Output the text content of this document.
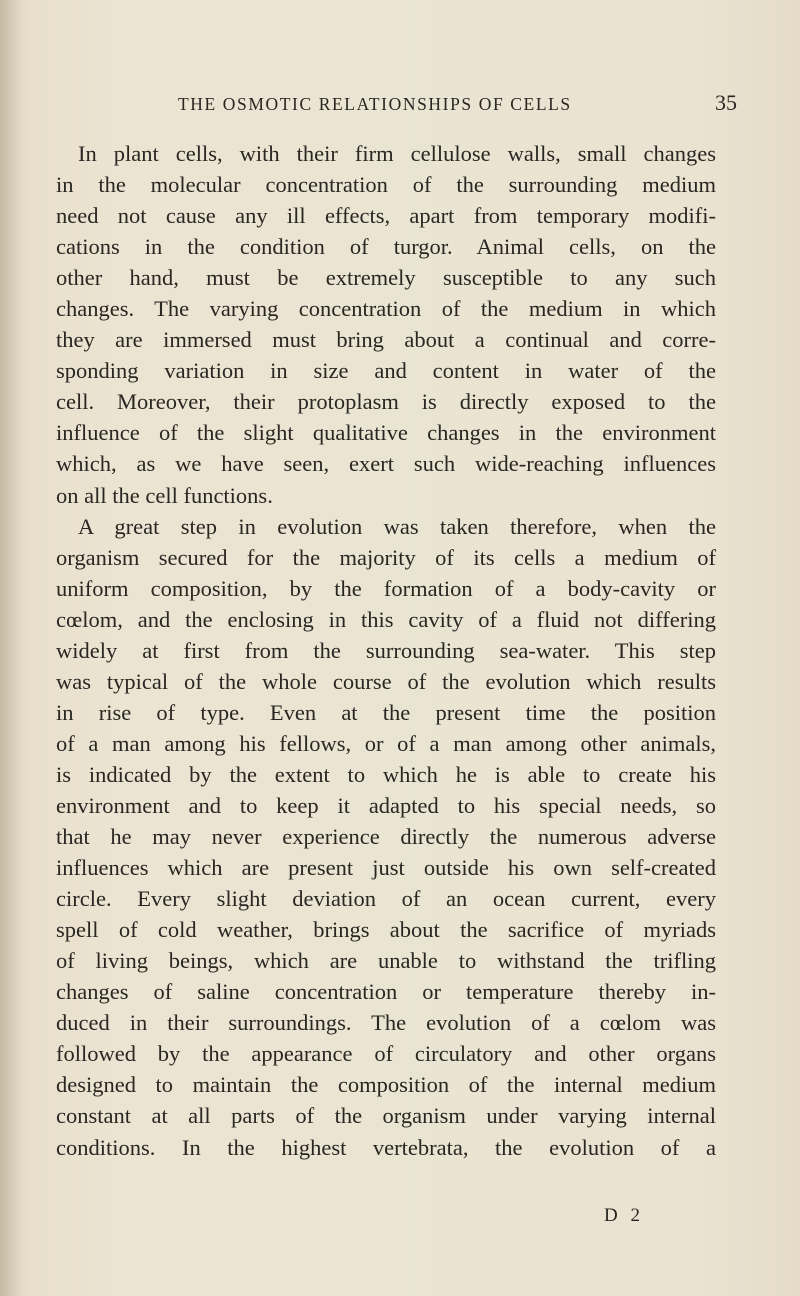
THE OSMOTIC RELATIONSHIPS OF CELLS	35
In plant cells, with their firm cellulose walls, small changes
in the molecular concentration of the surrounding medium
need not cause any ill effects, apart from temporary modifi-
cations in the condition of turgor. Animal cells, on the
other hand, must be extremely susceptible to any such
changes. The varying concentration of the medium in which
they are immersed must bring about a continual and corre-
sponding variation in size and content in water of the
cell. Moreover, their protoplasm is directly exposed to the
influence of the slight qualitative changes in the environment
which, as we have seen, exert such wide-reaching influences
on all the cell functions.
A great step in evolution was taken therefore, when the
organism secured for the majority of its cells a medium of
uniform composition, by the formation of a body-cavity or
cœlom, and the enclosing in this cavity of a fluid not differing
widely at first from the surrounding sea-water. This step
was typical of the whole course of the evolution which results
in rise of type. Even at the present time the position
of a man among his fellows, or of a man among other animals,
is indicated by the extent to which he is able to create his
environment and to keep it adapted to his special needs, so
that he may never experience directly the numerous adverse
influences which are present just outside his own self-created
circle. Every slight deviation of an ocean current, every
spell of cold weather, brings about the sacrifice of myriads
of living beings, which are unable to withstand the trifling
changes of saline concentration or temperature thereby in-
duced in their surroundings. The evolution of a cœlom was
followed by the appearance of circulatory and other organs
designed to maintain the composition of the internal medium
constant at all parts of the organism under varying internal
conditions. In the highest vertebrata, the evolution of a
D 2
